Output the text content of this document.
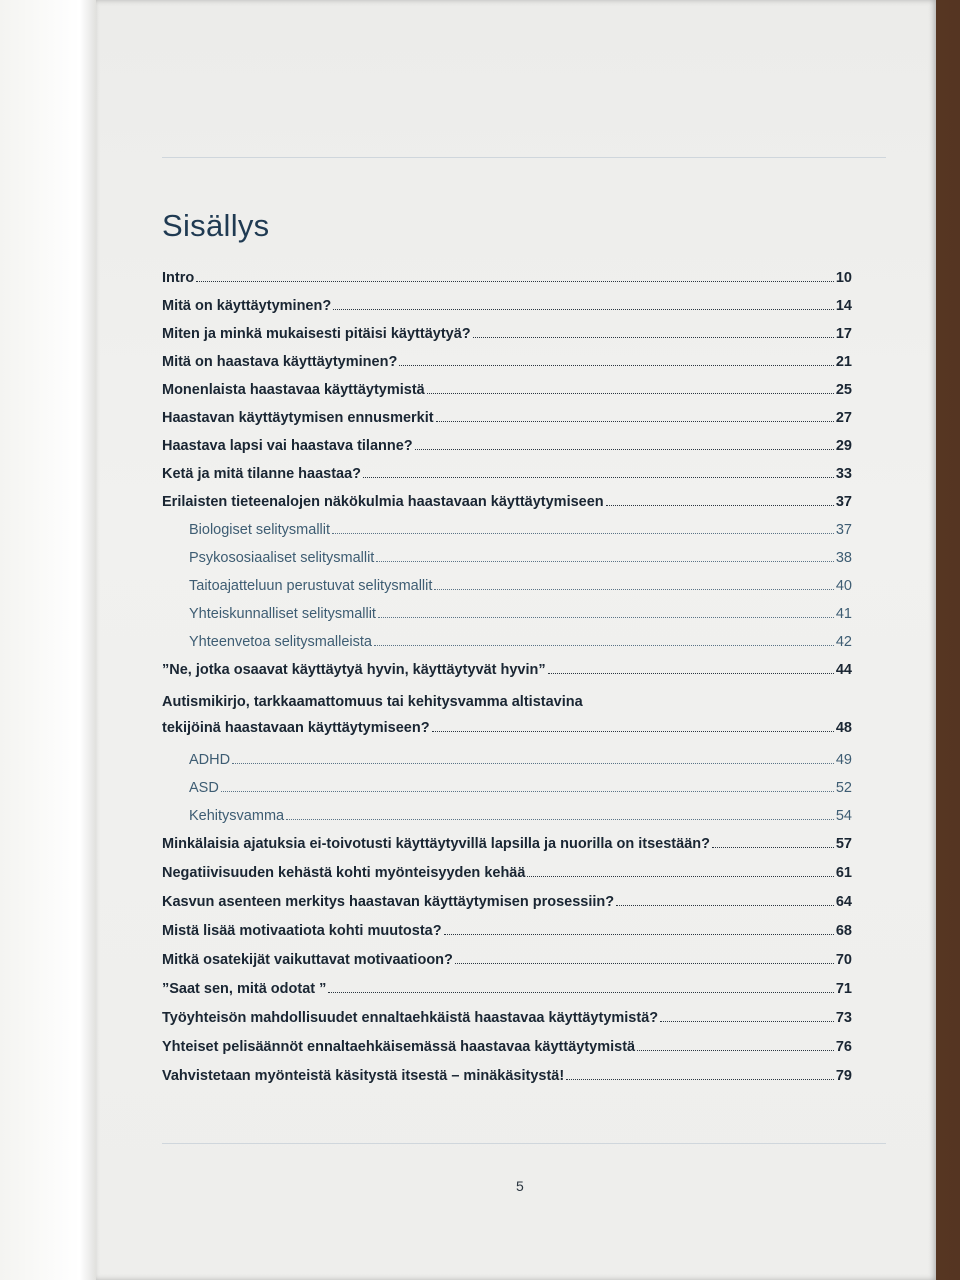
Sisällys
Intro	10
Mitä on käyttäytyminen?	14
Miten ja minkä mukaisesti pitäisi käyttäytyä?	17
Mitä on haastava käyttäytyminen?	21
Monenlaista haastavaa käyttäytymistä	25
Haastavan käyttäytymisen ennusmerkit	27
Haastava lapsi vai haastava tilanne?	29
Ketä ja mitä tilanne haastaa?	33
Erilaisten tieteenalojen näkökulmia haastavaan käyttäytymiseen	37
Biologiset selitysmallit	37
Psykososiaaliset selitysmallit	38
Taitoajatteluun perustuvat selitysmallit	40
Yhteiskunnalliset selitysmallit	41
Yhteenvetoa selitysmalleista	42
”Ne, jotka osaavat käyttäytyä hyvin, käyttäytyvät hyvin”	44
Autismikirjo, tarkkaamattomuus tai kehitysvamma altistavina
tekijöinä haastavaan käyttäytymiseen?	48
ADHD	49
ASD	52
Kehitysvamma	54
Minkälaisia ajatuksia ei-toivotusti käyttäytyvillä lapsilla ja nuorilla on itsestään?	57
Negatiivisuuden kehästä kohti myönteisyyden kehää	61
Kasvun asenteen merkitys haastavan käyttäytymisen prosessiin?	64
Mistä lisää motivaatiota kohti muutosta?	68
Mitkä osatekijät vaikuttavat motivaatioon?	70
”Saat sen, mitä odotat ”	71
Työyhteisön mahdollisuudet ennaltaehkäistä haastavaa käyttäytymistä?	73
Yhteiset pelisäännöt ennaltaehkäisemässä haastavaa käyttäytymistä	76
Vahvistetaan myönteistä käsitystä itsestä – minäkäsitystä!	79
5
